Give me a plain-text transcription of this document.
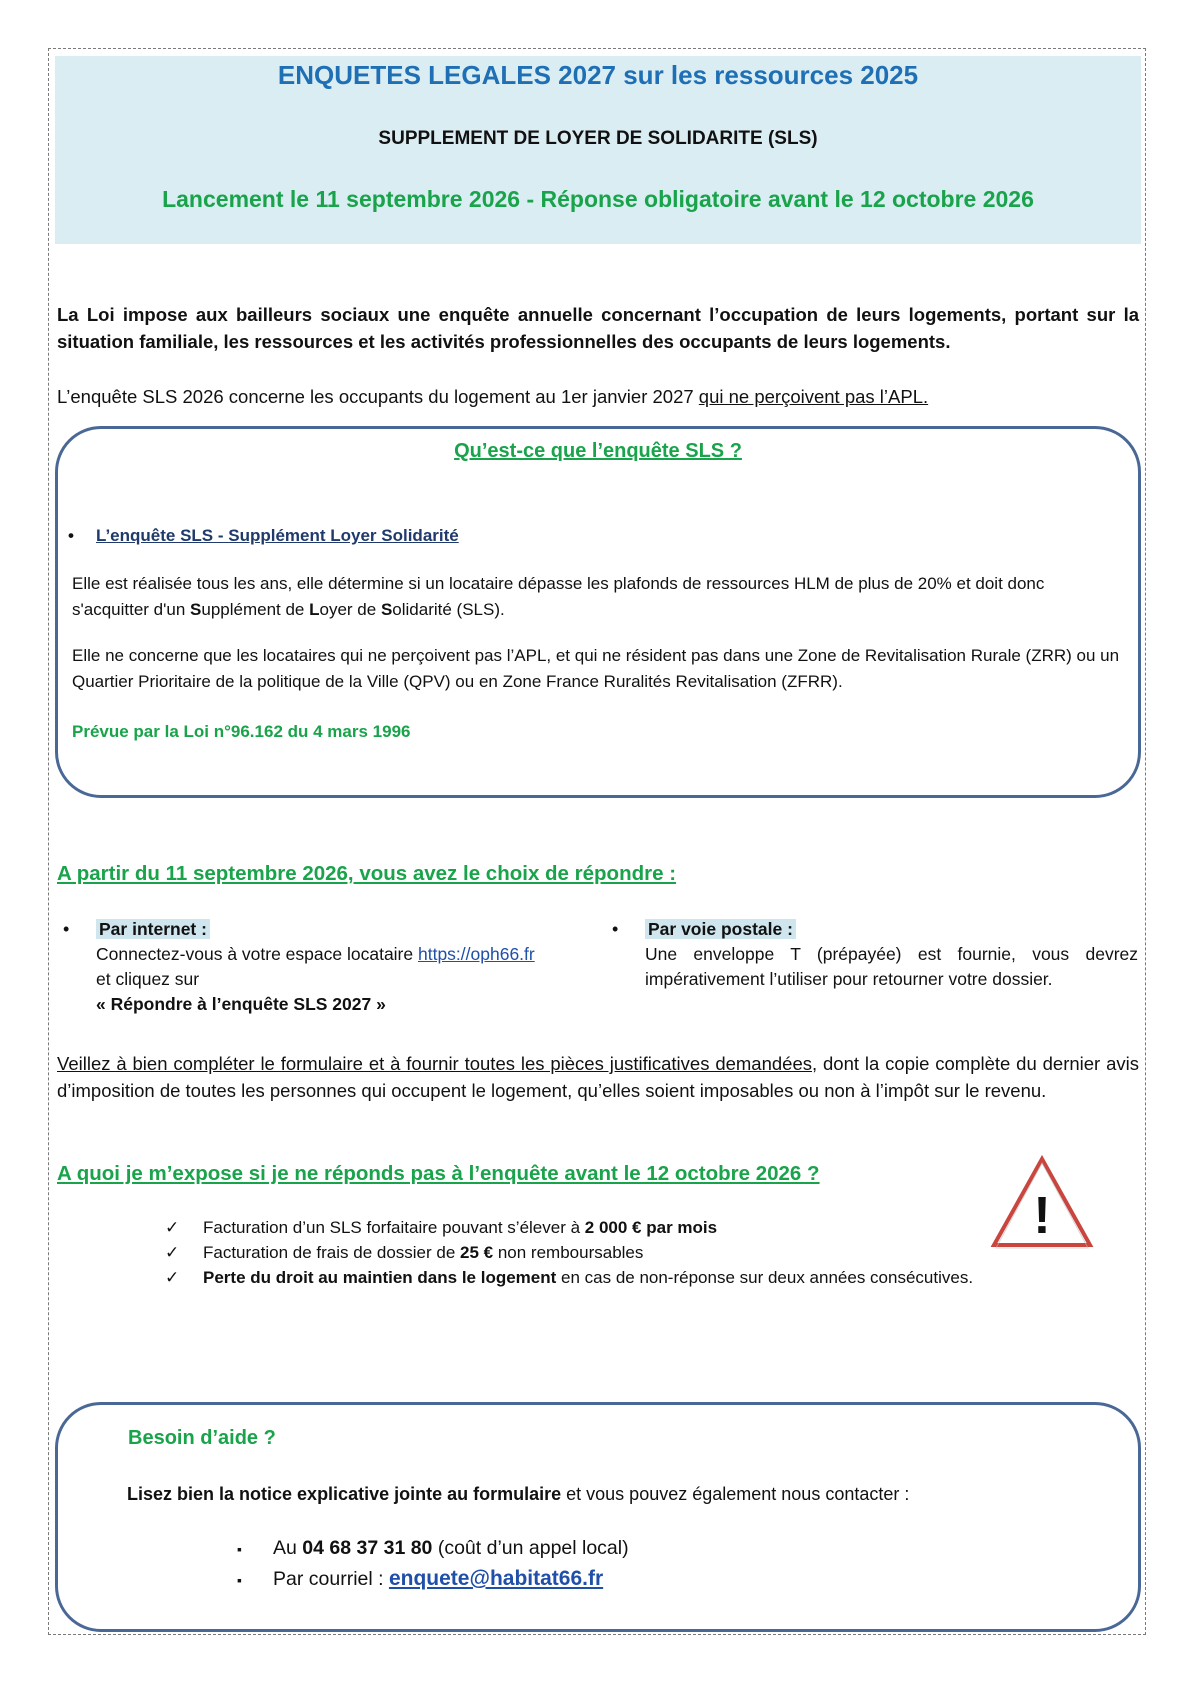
ENQUETES LEGALES 2027 sur les ressources 2025
SUPPLEMENT DE LOYER DE SOLIDARITE (SLS)
Lancement le 11 septembre 2026 - Réponse obligatoire avant le 12 octobre 2026
La Loi impose aux bailleurs sociaux une enquête annuelle concernant l’occupation de leurs logements, portant sur la situation familiale, les ressources et les activités professionnelles des occupants de leurs logements.
L’enquête SLS 2026 concerne les occupants du logement au 1er janvier 2027 qui ne perçoivent pas l’APL.
Qu’est-ce que l’enquête SLS ?
• L’enquête SLS - Supplément Loyer Solidarité
Elle est réalisée tous les ans, elle détermine si un locataire dépasse les plafonds de ressources HLM de plus de 20% et doit donc s'acquitter d'un Supplément de Loyer de Solidarité (SLS).
Elle ne concerne que les locataires qui ne perçoivent pas l’APL, et qui ne résident pas dans une Zone de Revitalisation Rurale (ZRR) ou un Quartier Prioritaire de la politique de la Ville (QPV) ou en Zone France Ruralités Revitalisation (ZFRR).
Prévue par la Loi n°96.162 du 4 mars 1996
A partir du 11 septembre 2026, vous avez le choix de répondre :
•	Par internet :
Connectez-vous à votre espace locataire https://oph66.fr
et cliquez sur
« Répondre à l’enquête SLS 2027 »
•	Par voie postale :
Une enveloppe T (prépayée) est fournie, vous devrez impérativement l’utiliser pour retourner votre dossier.
Veillez à bien compléter le formulaire et à fournir toutes les pièces justificatives demandées, dont la copie complète du dernier avis d’imposition de toutes les personnes qui occupent le logement, qu’elles soient imposables ou non à l’impôt sur le revenu.
A quoi je m’expose si je ne réponds pas à l’enquête avant le 12 octobre 2026 ?
✓ Facturation d’un SLS forfaitaire pouvant s’élever à 2 000 € par mois
✓ Facturation de frais de dossier de 25 € non remboursables
✓ Perte du droit au maintien dans le logement en cas de non-réponse sur deux années consécutives.
!
Besoin d’aide ?
Lisez bien la notice explicative jointe au formulaire et vous pouvez également nous contacter :
▪ Au 04 68 37 31 80 (coût d’un appel local)
▪ Par courriel : enquete@habitat66.fr
